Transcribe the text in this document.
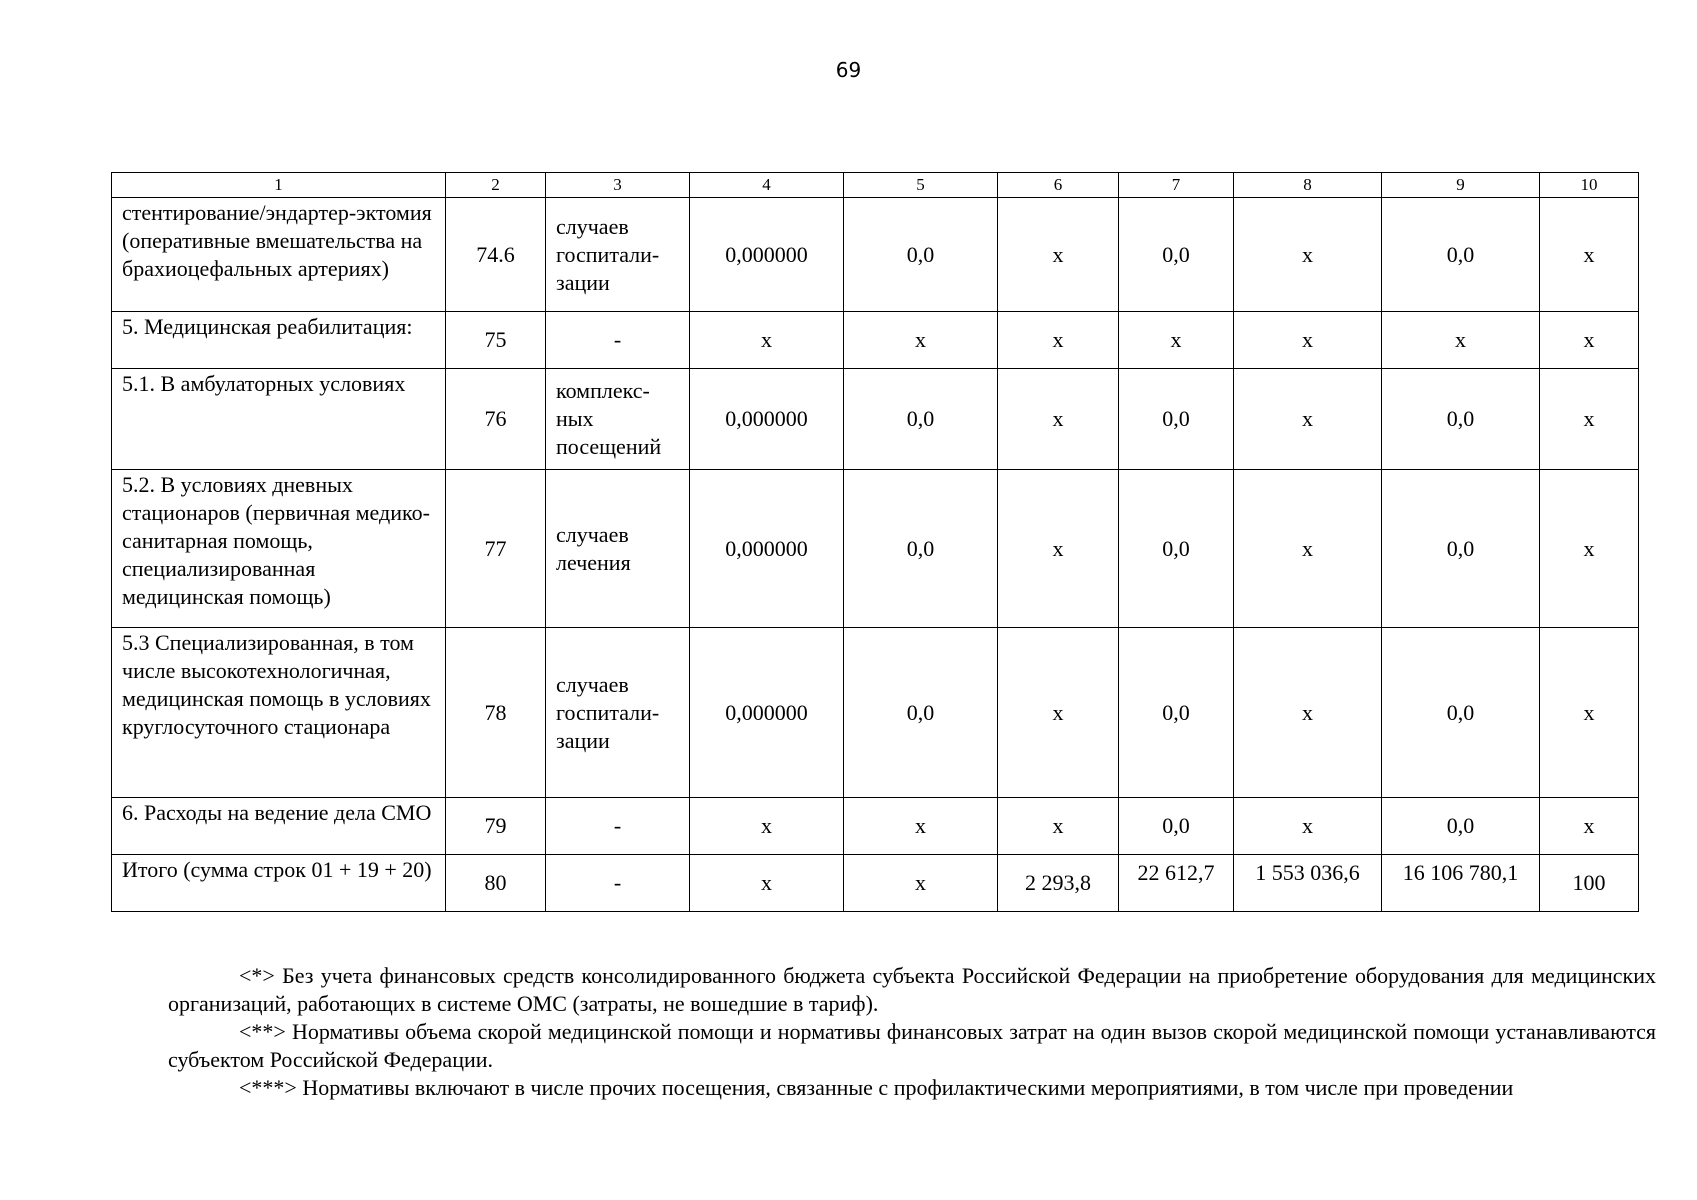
69
1	2	3	4	5	6	7	8	9	10
стентирование/эндартер-эктомия (оперативные вмешательства на брахиоцефальных артериях)	74.6	случаев госпитали-зации	0,000000	0,0	х	0,0	х	0,0	х
5. Медицинская реабилитация:	75	-	х	х	х	х	х	х	х
5.1. В амбулаторных условиях	76	комплекс-ных посещений	0,000000	0,0	х	0,0	х	0,0	х
5.2. В условиях дневных стационаров (первичная медико-санитарная помощь, специализированная медицинская помощь)	77	случаев лечения	0,000000	0,0	х	0,0	х	0,0	х
5.3 Специализированная, в том числе высокотехнологичная, медицинская помощь в условиях круглосуточного стационара	78	случаев госпитали-зации	0,000000	0,0	х	0,0	х	0,0	х
6. Расходы на ведение дела СМО	79	-	х	х	х	0,0	х	0,0	х
Итого (сумма строк 01 + 19 + 20)	80	-	х	х	2 293,8	22 612,7	1 553 036,6	16 106 780,1	100

<*> Без учета финансовых средств консолидированного бюджета субъекта Российской Федерации на приобретение оборудования для медицинских организаций, работающих в системе ОМС (затраты, не вошедшие в тариф).

<**> Нормативы объема скорой медицинской помощи и нормативы финансовых затрат на один вызов скорой медицинской помощи устанавливаются субъектом Российской Федерации.

<***> Нормативы включают в числе прочих посещения, связанные с профилактическими мероприятиями, в том числе при проведении
